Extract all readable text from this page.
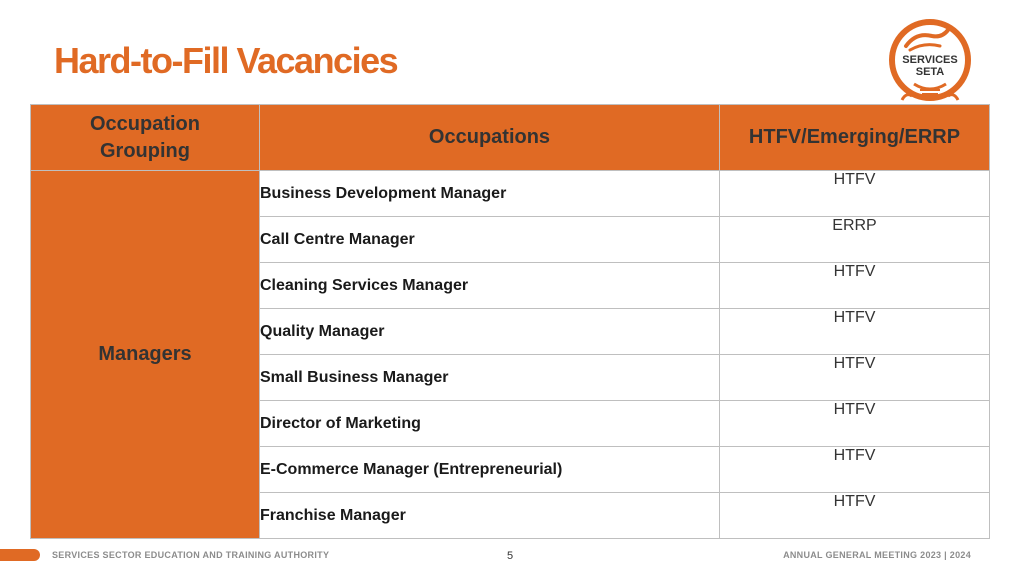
Hard-to-Fill Vacancies	SERVICES
SETA
Occupation Grouping	Occupations	HTFV/Emerging/ERRP
Managers	Business Development Manager	HTFV
	Call Centre Manager	ERRP
	Cleaning Services Manager	HTFV
	Quality Manager	HTFV
	Small Business Manager	HTFV
	Director of Marketing	HTFV
	E-Commerce Manager (Entrepreneurial)	HTFV
	Franchise Manager	HTFV
SERVICES SECTOR EDUCATION AND TRAINING AUTHORITY	5	ANNUAL GENERAL MEETING 2023 | 2024
